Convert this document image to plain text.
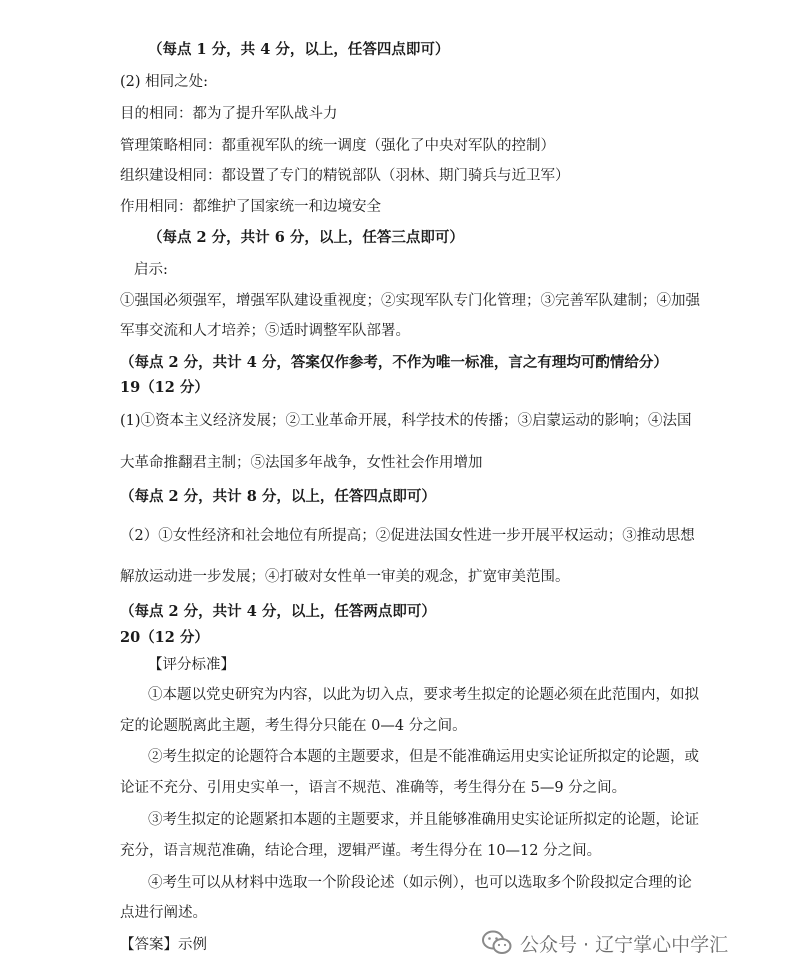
（每点 1 分，共 4 分，以上，任答四点即可）
(2) 相同之处:
目的相同：都为了提升军队战斗力
管理策略相同：都重视军队的统一调度（强化了中央对军队的控制）
组织建设相同：都设置了专门的精锐部队（羽林、期门骑兵与近卫军）
作用相同：都维护了国家统一和边境安全
（每点 2 分，共计 6 分，以上，任答三点即可）
启示:
①强国必须强军，增强军队建设重视度；②实现军队专门化管理；③完善军队建制；④加强
军事交流和人才培养；⑤适时调整军队部署。
（每点 2 分，共计 4 分，答案仅作参考，不作为唯一标准，言之有理均可酌情给分）
19（12 分）
(1)①资本主义经济发展；②工业革命开展，科学技术的传播；③启蒙运动的影响；④法国
大革命推翻君主制；⑤法国多年战争，女性社会作用增加
（每点 2 分，共计 8 分，以上，任答四点即可）
（2）①女性经济和社会地位有所提高；②促进法国女性进一步开展平权运动；③推动思想
解放运动进一步发展；④打破对女性单一审美的观念，扩宽审美范围。
（每点 2 分，共计 4 分，以上，任答两点即可）
20（12 分）
【评分标准】
①本题以党史研究为内容，以此为切入点，要求考生拟定的论题必须在此范围内，如拟
定的论题脱离此主题，考生得分只能在 0—4 分之间。
②考生拟定的论题符合本题的主题要求，但是不能准确运用史实论证所拟定的论题，或
论证不充分、引用史实单一，语言不规范、准确等，考生得分在 5—9 分之间。
③考生拟定的论题紧扣本题的主题要求，并且能够准确用史实论证所拟定的论题，论证
充分，语言规范准确，结论合理，逻辑严谨。考生得分在 10—12 分之间。
④考生可以从材料中选取一个阶段论述（如示例），也可以选取多个阶段拟定合理的论
点进行阐述。
【答案】示例	公众号 · 辽宁掌心中学汇
